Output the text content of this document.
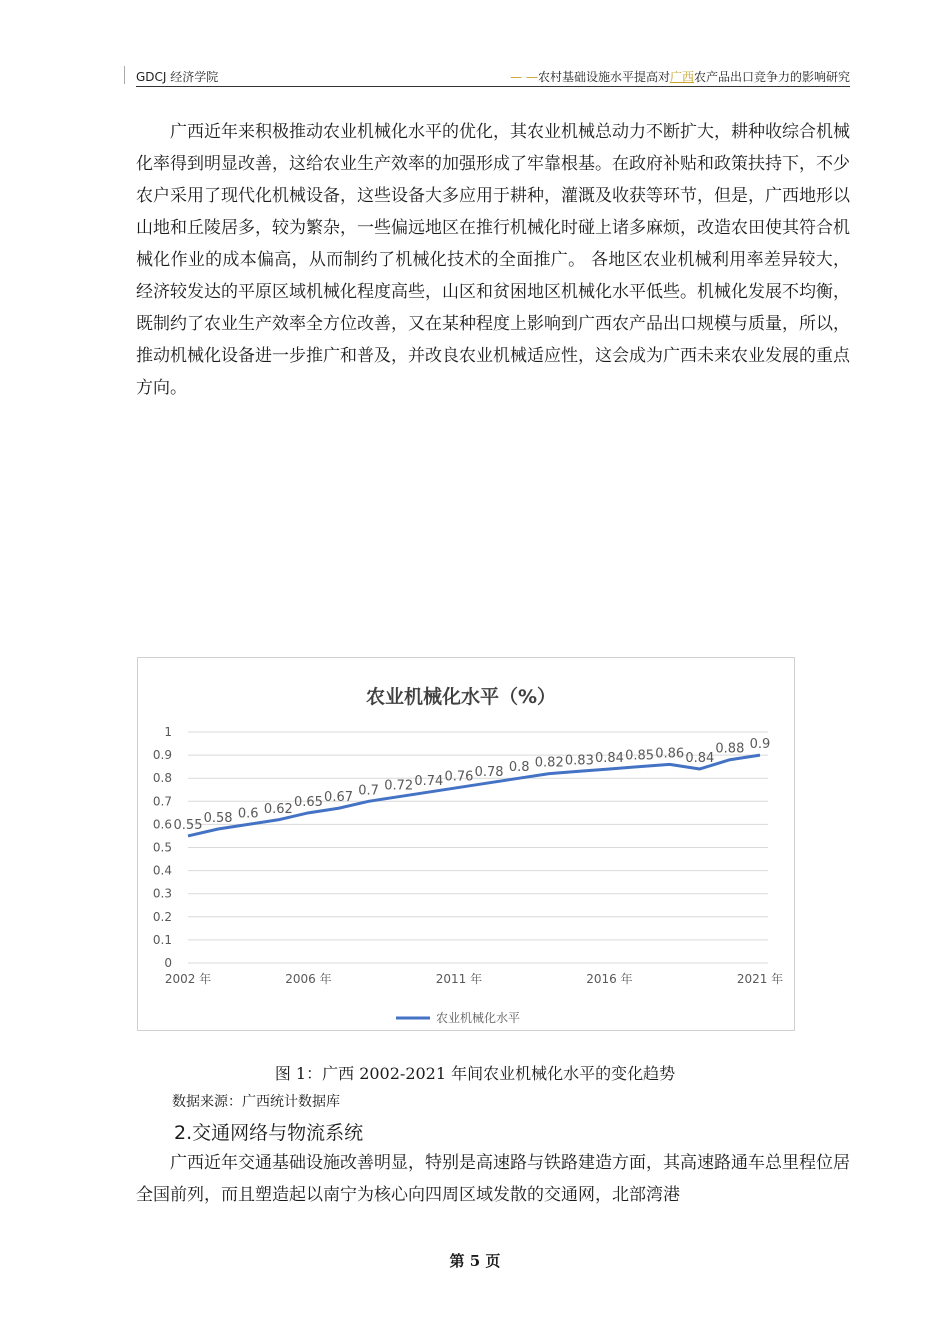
GDCJ 经济学院	— —农村基础设施水平提高对广西农产品出口竞争力的影响研究

广西近年来积极推动农业机械化水平的优化，其农业机械总动力不断扩大，耕种收综合机械化率得到明显改善，这给农业生产效率的加强形成了牢靠根基。在政府补贴和政策扶持下，不少农户采用了现代化机械设备，这些设备大多应用于耕种，灌溉及收获等环节，但是，广西地形以山地和丘陵居多，较为繁杂，一些偏远地区在推行机械化时碰上诸多麻烦，改造农田使其符合机械化作业的成本偏高，从而制约了机械化技术的全面推广。 各地区农业机械利用率差异较大，经济较发达的平原区域机械化程度高些，山区和贫困地区机械化水平低些。机械化发展不均衡，既制约了农业生产效率全方位改善，又在某种程度上影响到广西农产品出口规模与质量，所以，推动机械化设备进一步推广和普及，并改良农业机械适应性，这会成为广西未来农业发展的重点方向。

农业机械化水平（%）
0
0.1
0.2
0.3
0.4
0.5
0.6
0.7
0.8
0.9
1
2002 年	2006 年	2011 年	2016 年	2021 年
0.55 0.58 0.6 0.62 0.65 0.67 0.7 0.72 0.74 0.76 0.78 0.8 0.82 0.83 0.84 0.85 0.86 0.84
0.88 0.9
农业机械化水平
图 1：广西 2002-2021 年间农业机械化水平的变化趋势
数据来源：广西统计数据库
2.交通网络与物流系统

广西近年交通基础设施改善明显，特别是高速路与铁路建造方面，其高速路通车总里程位居全国前列，而且塑造起以南宁为核心向四周区域发散的交通网，北部湾港

第 5 页
